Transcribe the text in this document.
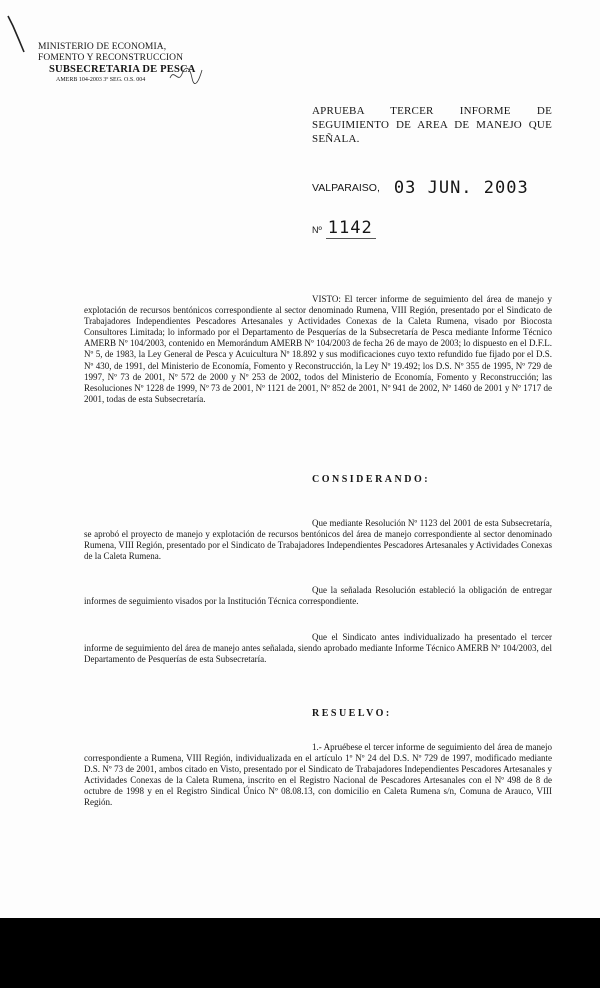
MINISTERIO DE ECONOMIA,
FOMENTO Y RECONSTRUCCION
SUBSECRETARIA DE PESCA
AMERB 104-2003 3º SEG. O.S. 004
APRUEBA TERCER INFORME DE
SEGUIMIENTO DE AREA DE MANEJO QUE
SEÑALA.
VALPARAISO, 03 JUN. 2003
Nº 1142
VISTO: El tercer informe de seguimiento del área de manejo y explotación de recursos bentónicos correspondiente al sector denominado Rumena, VIII Región, presentado por el Sindicato de Trabajadores Independientes Pescadores Artesanales y Actividades Conexas de la Caleta Rumena, visado por Biocosta Consultores Limitada; lo informado por el Departamento de Pesquerías de la Subsecretaría de Pesca mediante Informe Técnico AMERB Nº 104/2003, contenido en Memorándum AMERB Nº 104/2003 de fecha 26 de mayo de 2003; lo dispuesto en el D.F.L. Nº 5, de 1983, la Ley General de Pesca y Acuicultura Nº 18.892 y sus modificaciones cuyo texto refundido fue fijado por el D.S. Nº 430, de 1991, del Ministerio de Economía, Fomento y Reconstrucción, la Ley Nº 19.492; los D.S. Nº 355 de 1995, Nº 729 de 1997, Nº 73 de 2001, Nº 572 de 2000 y Nº 253 de 2002, todos del Ministerio de Economía, Fomento y Reconstrucción; las Resoluciones Nº 1228 de 1999, Nº 73 de 2001, Nº 1121 de 2001, Nº 852 de 2001, Nº 941 de 2002, Nº 1460 de 2001 y Nº 1717 de 2001, todas de esta Subsecretaría.
CONSIDERANDO:
Que mediante Resolución Nº 1123 del 2001 de esta Subsecretaría, se aprobó el proyecto de manejo y explotación de recursos bentónicos del área de manejo correspondiente al sector denominado Rumena, VIII Región, presentado por el Sindicato de Trabajadores Independientes Pescadores Artesanales y Actividades Conexas de la Caleta Rumena.
Que la señalada Resolución estableció la obligación de entregar informes de seguimiento visados por la Institución Técnica correspondiente.
Que el Sindicato antes individualizado ha presentado el tercer informe de seguimiento del área de manejo antes señalada, siendo aprobado mediante Informe Técnico AMERB Nº 104/2003, del Departamento de Pesquerías de esta Subsecretaría.
RESUELVO:
1.- Apruébese el tercer informe de seguimiento del área de manejo correspondiente a Rumena, VIII Región, individualizada en el artículo 1º Nº 24 del D.S. Nº 729 de 1997, modificado mediante D.S. Nº 73 de 2001, ambos citado en Visto, presentado por el Sindicato de Trabajadores Independientes Pescadores Artesanales y Actividades Conexas de la Caleta Rumena, inscrito en el Registro Nacional de Pescadores Artesanales con el Nº 498 de 8 de octubre de 1998 y en el Registro Sindical Único Nº 08.08.13, con domicilio en Caleta Rumena s/n, Comuna de Arauco, VIII Región.
